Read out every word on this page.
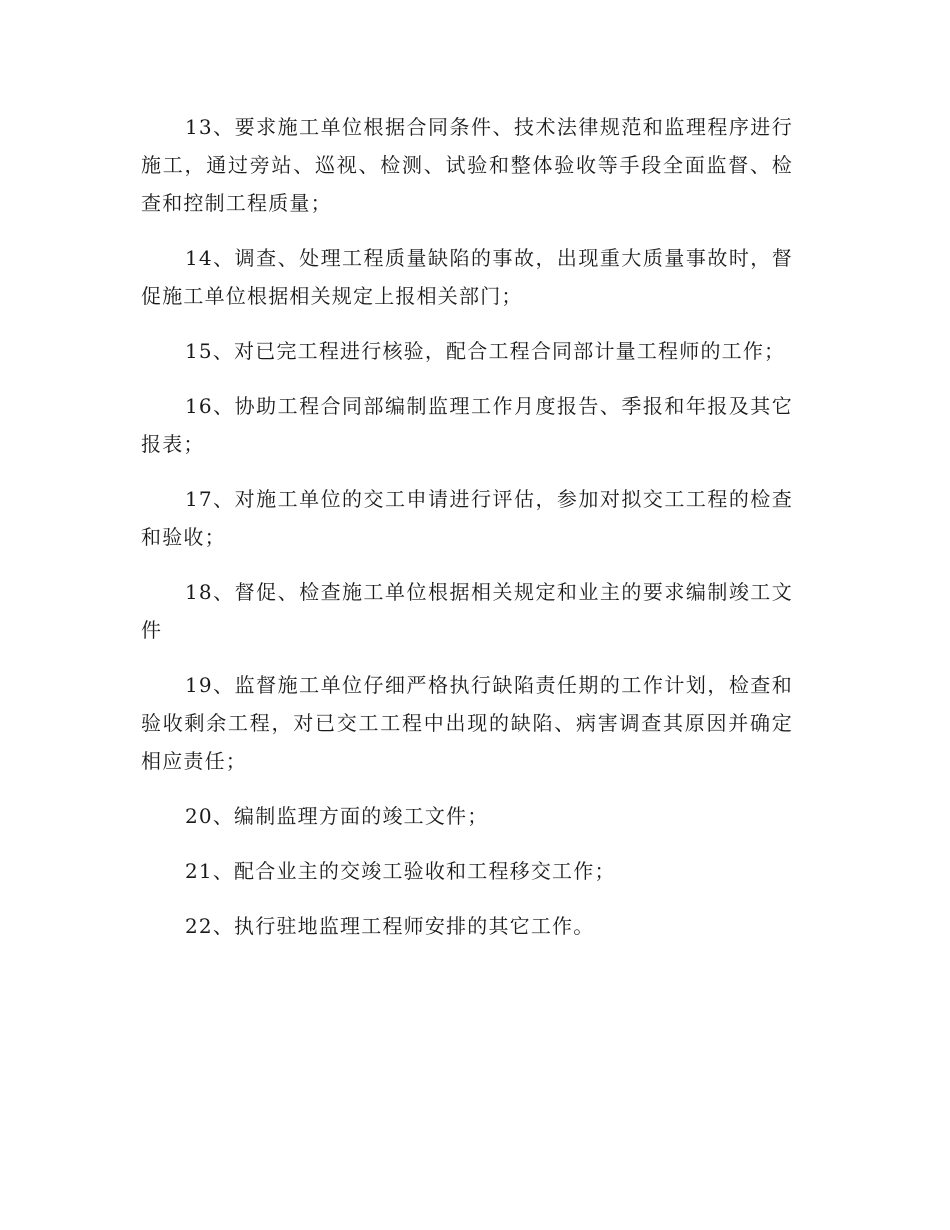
13、要求施工单位根据合同条件、技术法律规范和监理程序进行施工，通过旁站、巡视、检测、试验和整体验收等手段全面监督、检查和控制工程质量；

14、调查、处理工程质量缺陷的事故，出现重大质量事故时，督促施工单位根据相关规定上报相关部门；

15、对已完工程进行核验，配合工程合同部计量工程师的工作；

16、协助工程合同部编制监理工作月度报告、季报和年报及其它报表；

17、对施工单位的交工申请进行评估，参加对拟交工工程的检查和验收；

18、督促、检查施工单位根据相关规定和业主的要求编制竣工文件

19、监督施工单位仔细严格执行缺陷责任期的工作计划，检查和验收剩余工程，对已交工工程中出现的缺陷、病害调查其原因并确定相应责任；

20、编制监理方面的竣工文件；

21、配合业主的交竣工验收和工程移交工作；

22、执行驻地监理工程师安排的其它工作。
